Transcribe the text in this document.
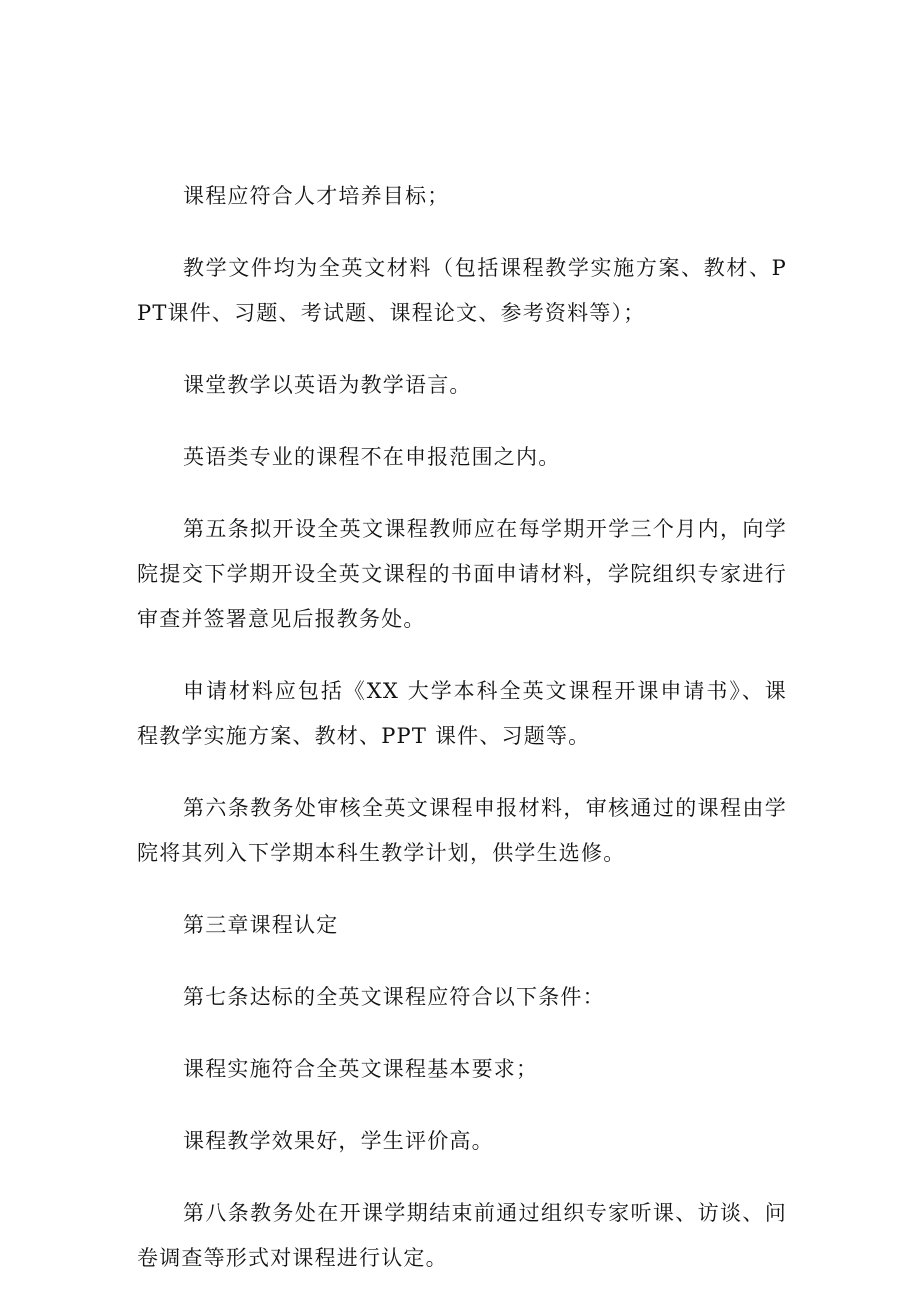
课程应符合人才培养目标；

教学文件均为全英文材料（包括课程教学实施方案、教材、PPT课件、习题、考试题、课程论文、参考资料等）；

课堂教学以英语为教学语言。

英语类专业的课程不在申报范围之内。

第五条拟开设全英文课程教师应在每学期开学三个月内，向学院提交下学期开设全英文课程的书面申请材料，学院组织专家进行审查并签署意见后报教务处。

申请材料应包括《XX 大学本科全英文课程开课申请书》、课程教学实施方案、教材、PPT 课件、习题等。

第六条教务处审核全英文课程申报材料，审核通过的课程由学院将其列入下学期本科生教学计划，供学生选修。

第三章课程认定

第七条达标的全英文课程应符合以下条件：

课程实施符合全英文课程基本要求；

课程教学效果好，学生评价高。

第八条教务处在开课学期结束前通过组织专家听课、访谈、问卷调查等形式对课程进行认定。
